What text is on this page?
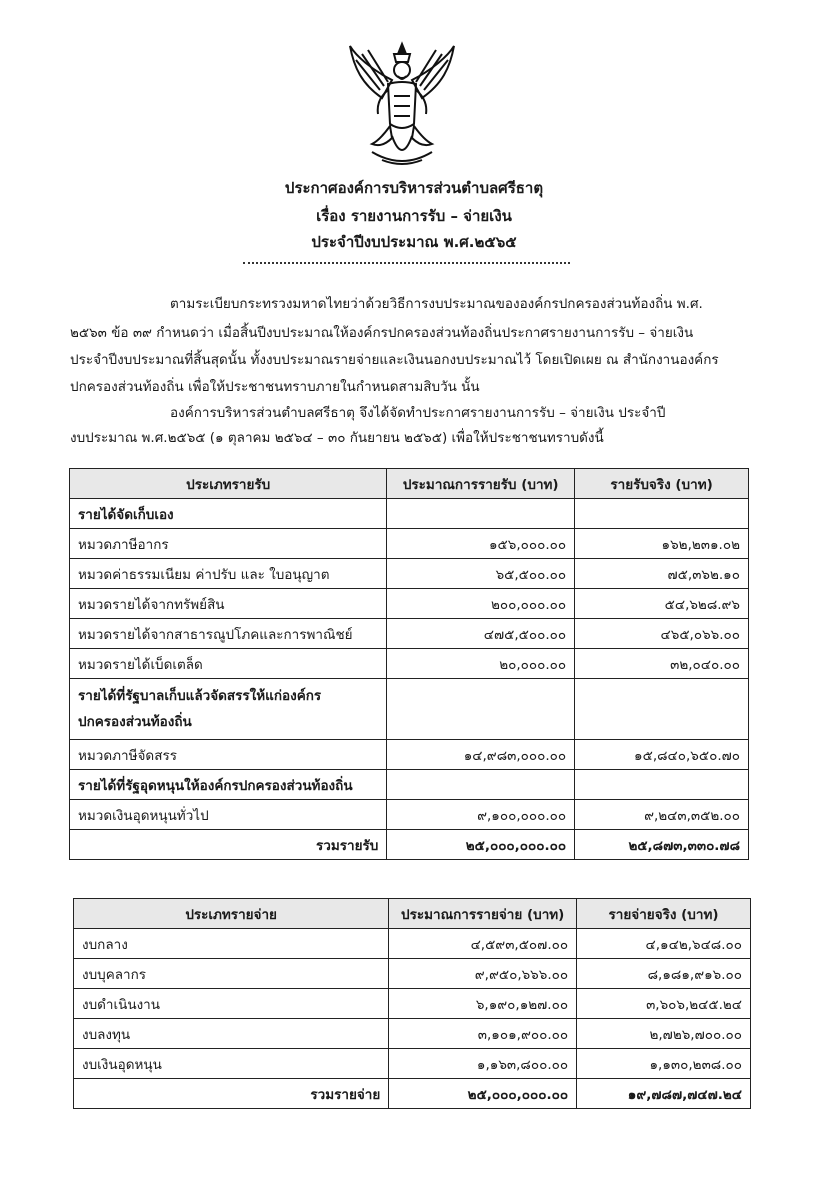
ประกาศองค์การบริหารส่วนตำบลศรีธาตุ
เรื่อง รายงานการรับ – จ่ายเงิน
ประจำปีงบประมาณ พ.ศ.๒๕๖๕
ตามระเบียบกระทรวงมหาดไทยว่าด้วยวิธีการงบประมาณขององค์กรปกครองส่วนท้องถิ่น พ.ศ.
๒๕๖๓ ข้อ ๓๙ กำหนดว่า เมื่อสิ้นปีงบประมาณให้องค์กรปกครองส่วนท้องถิ่นประกาศรายงานการรับ – จ่ายเงิน
ประจำปีงบประมาณที่สิ้นสุดนั้น ทั้งงบประมาณรายจ่ายและเงินนอกงบประมาณไว้ โดยเปิดเผย ณ สำนักงานองค์กร
ปกครองส่วนท้องถิ่น เพื่อให้ประชาชนทราบภายในกำหนดสามสิบวัน นั้น
องค์การบริหารส่วนตำบลศรีธาตุ จึงได้จัดทำประกาศรายงานการรับ – จ่ายเงิน ประจำปี
งบประมาณ พ.ศ.๒๕๖๕ (๑ ตุลาคม ๒๕๖๔ – ๓๐ กันยายน ๒๕๖๕) เพื่อให้ประชาชนทราบดังนี้
ประเภทรายรับ	ประมาณการรายรับ (บาท)	รายรับจริง (บาท)
รายได้จัดเก็บเอง		
หมวดภาษีอากร	๑๕๖,๐๐๐.๐๐	๑๖๒,๒๓๑.๐๒
หมวดค่าธรรมเนียม ค่าปรับ และ ใบอนุญาต	๖๕,๕๐๐.๐๐	๗๕,๓๖๒.๑๐
หมวดรายได้จากทรัพย์สิน	๒๐๐,๐๐๐.๐๐	๕๔,๖๒๘.๙๖
หมวดรายได้จากสาธารณูปโภคและการพาณิชย์	๔๗๕,๕๐๐.๐๐	๔๖๕,๐๖๖.๐๐
หมวดรายได้เบ็ดเตล็ด	๒๐,๐๐๐.๐๐	๓๒,๐๔๐.๐๐

รายได้ที่รัฐบาลเก็บแล้วจัดสรรให้แก่องค์กร
ปกครองส่วนท้องถิ่น		

หมวดภาษีจัดสรร	๑๔,๙๘๓,๐๐๐.๐๐	๑๕,๘๔๐,๖๕๐.๗๐
รายได้ที่รัฐอุดหนุนให้องค์กรปกครองส่วนท้องถิ่น		
หมวดเงินอุดหนุนทั่วไป	๙,๑๐๐,๐๐๐.๐๐	๙,๒๔๓,๓๕๒.๐๐
รวมรายรับ	๒๕,๐๐๐,๐๐๐.๐๐	๒๕,๘๗๓,๓๓๐.๗๘
ประเภทรายจ่าย	ประมาณการรายจ่าย (บาท)	รายจ่ายจริง (บาท)
งบกลาง	๔,๕๙๓,๕๐๗.๐๐	๔,๑๔๒,๖๔๘.๐๐
งบบุคลากร	๙,๙๕๐,๖๖๖.๐๐	๘,๑๘๑,๙๑๖.๐๐
งบดำเนินงาน	๖,๑๙๐,๑๒๗.๐๐	๓,๖๐๖,๒๔๕.๒๔
งบลงทุน	๓,๑๐๑,๙๐๐.๐๐	๒,๗๒๖,๗๐๐.๐๐
งบเงินอุดหนุน	๑,๑๖๓,๘๐๐.๐๐	๑,๑๓๐,๒๓๘.๐๐
รวมรายจ่าย	๒๕,๐๐๐,๐๐๐.๐๐	๑๙,๗๘๗,๗๔๗.๒๔
